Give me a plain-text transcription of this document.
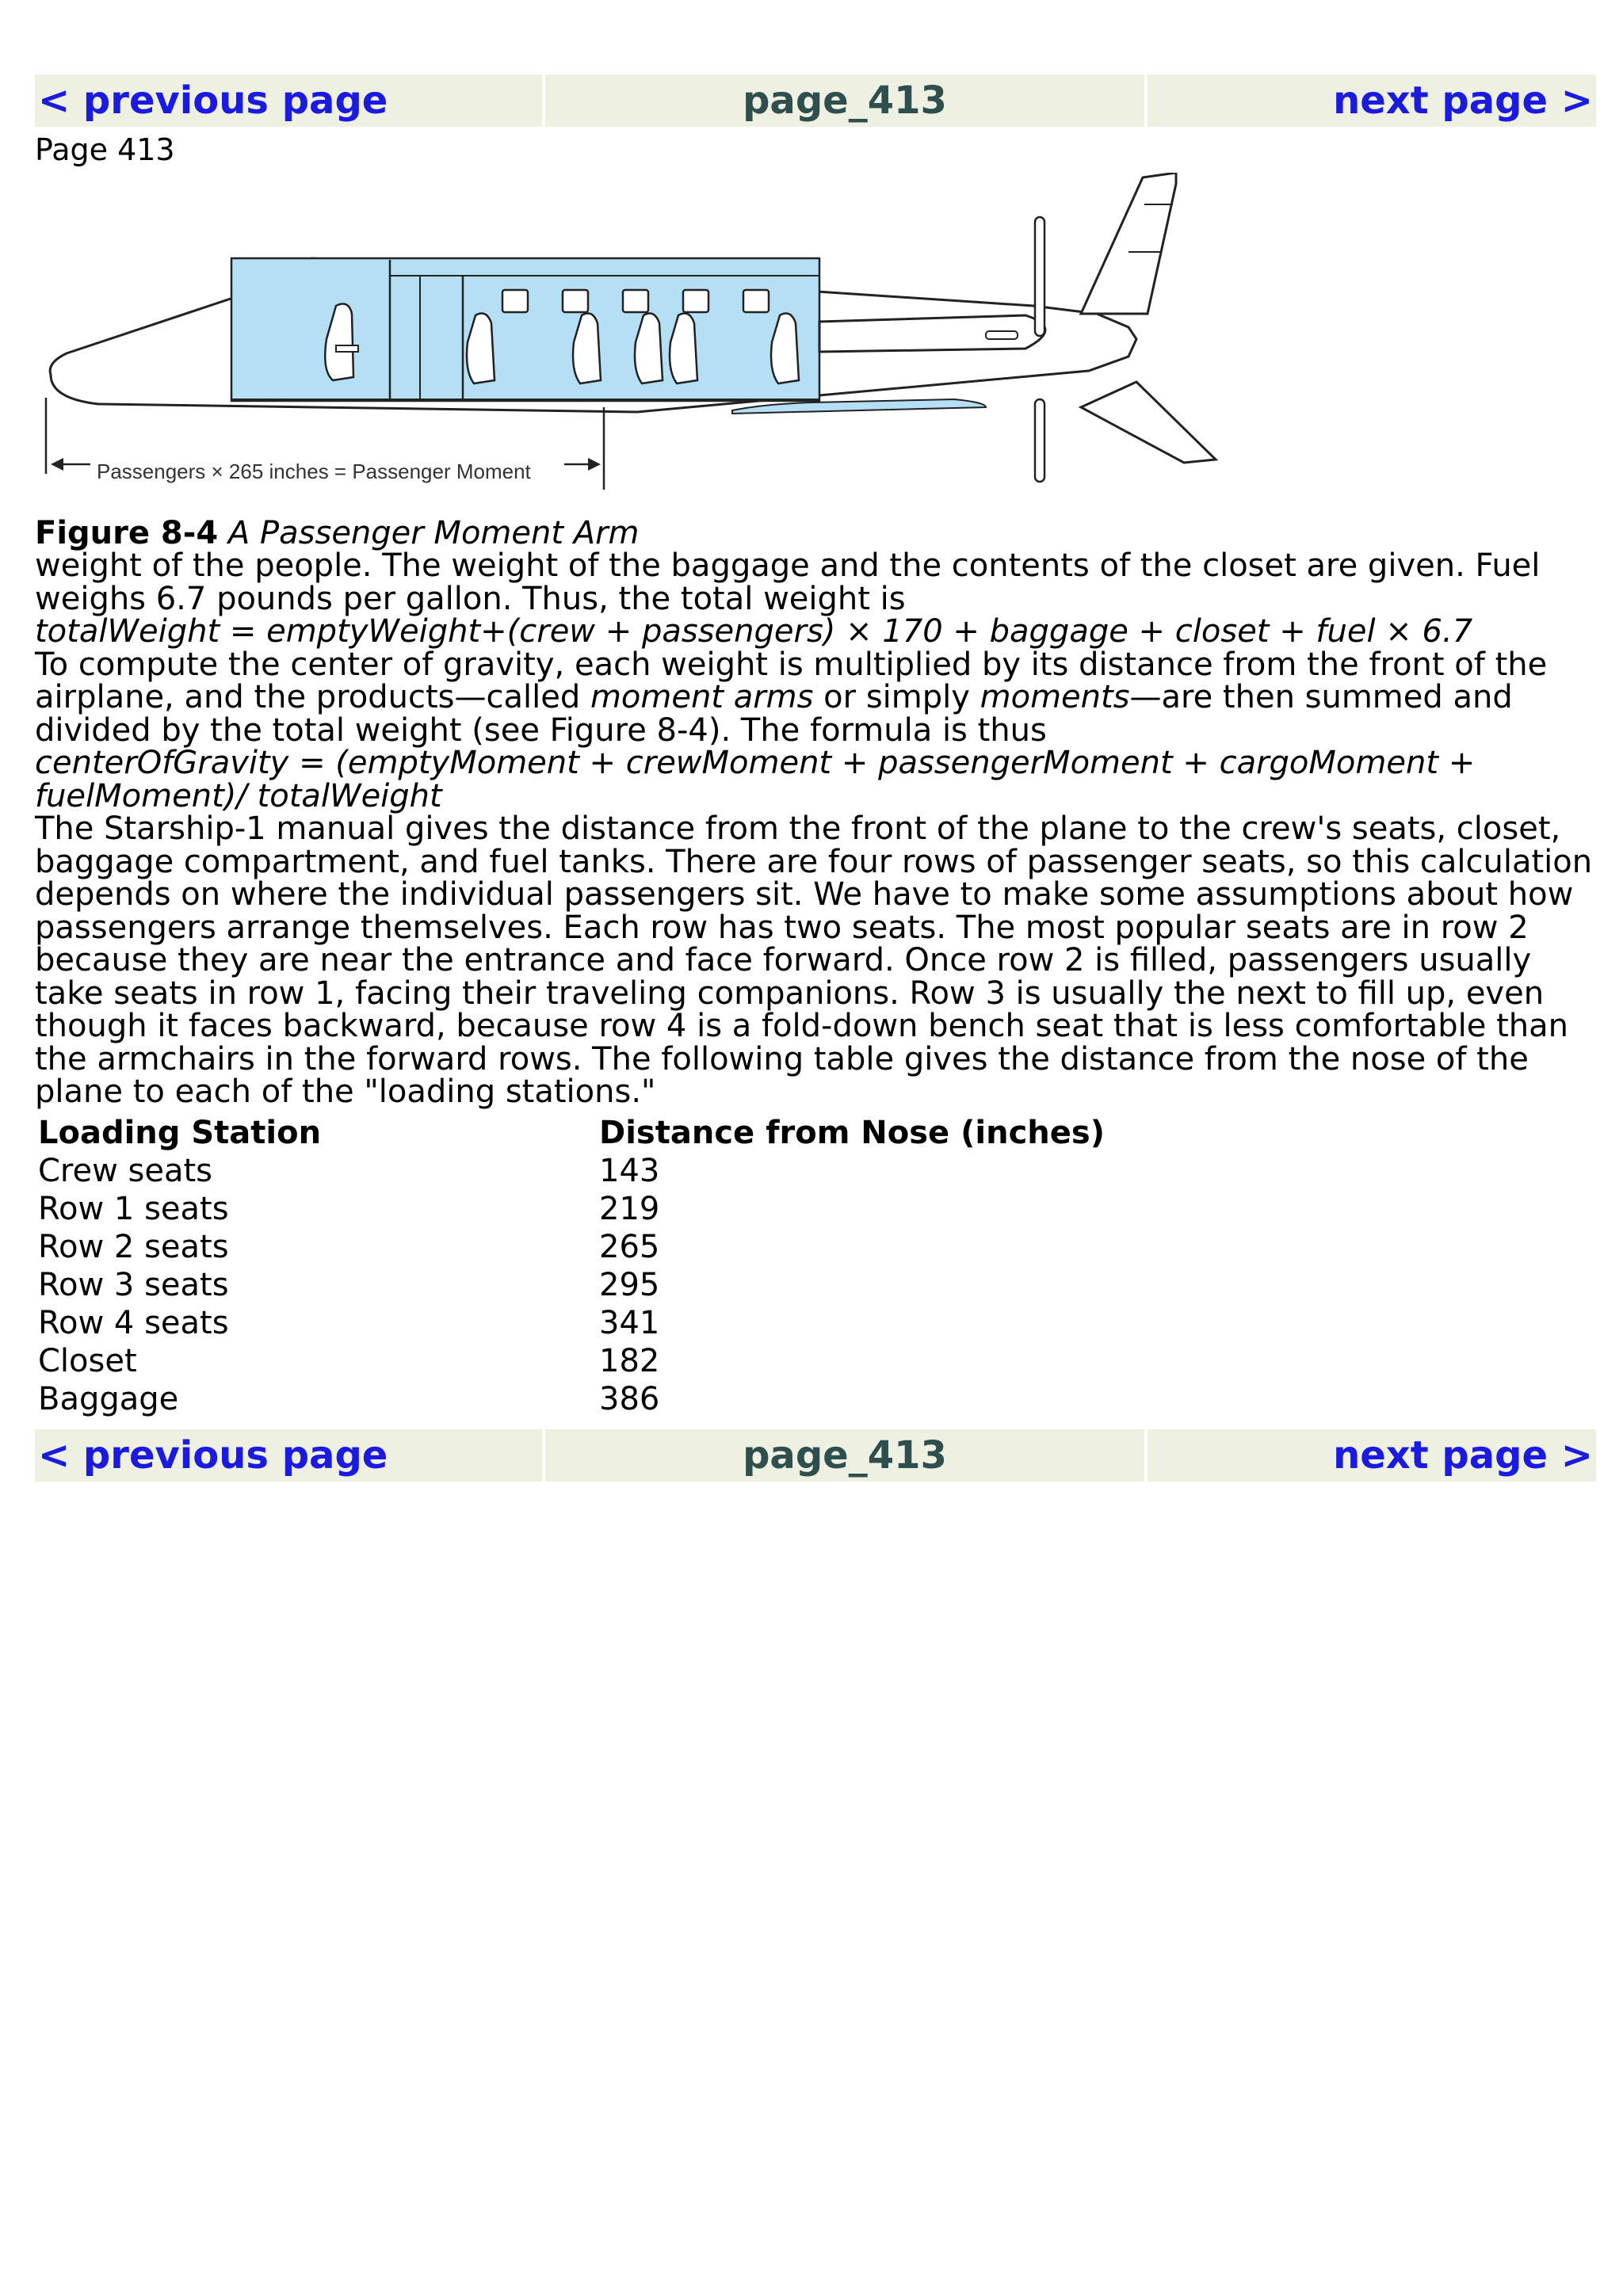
< previous page	page_413	next page >
Page 413
Passengers × 265 inches = Passenger Moment
Figure 8-4 A Passenger Moment Arm

weight of the people. The weight of the baggage and the contents of the closet are given. Fuel weighs 6.7 pounds per gallon. Thus, the total weight is

totalWeight = emptyWeight+(crew + passengers) × 170 + baggage + closet + fuel × 6.7

To compute the center of gravity, each weight is multiplied by its distance from the front of the airplane, and the products—called moment arms or simply moments—are then summed and divided by the total weight (see Figure 8-4). The formula is thus

centerOfGravity = (emptyMoment + crewMoment + passengerMoment + cargoMoment + fuelMoment)/ totalWeight

The Starship-1 manual gives the distance from the front of the plane to the crew's seats, closet, baggage compartment, and fuel tanks. There are four rows of passenger seats, so this calculation depends on where the individual passengers sit. We have to make some assumptions about how passengers arrange themselves. Each row has two seats. The most popular seats are in row 2 because they are near the entrance and face forward. Once row 2 is filled, passengers usually take seats in row 1, facing their traveling companions. Row 3 is usually the next to fill up, even though it faces backward, because row 4 is a fold-down bench seat that is less comfortable than the armchairs in the forward rows. The following table gives the distance from the nose of the plane to each of the "loading stations."

Loading Station	Distance from Nose (inches)
Crew seats	143
Row 1 seats	219
Row 2 seats	265
Row 3 seats	295
Row 4 seats	341
Closet	182
Baggage	386
< previous page	page_413	next page >
